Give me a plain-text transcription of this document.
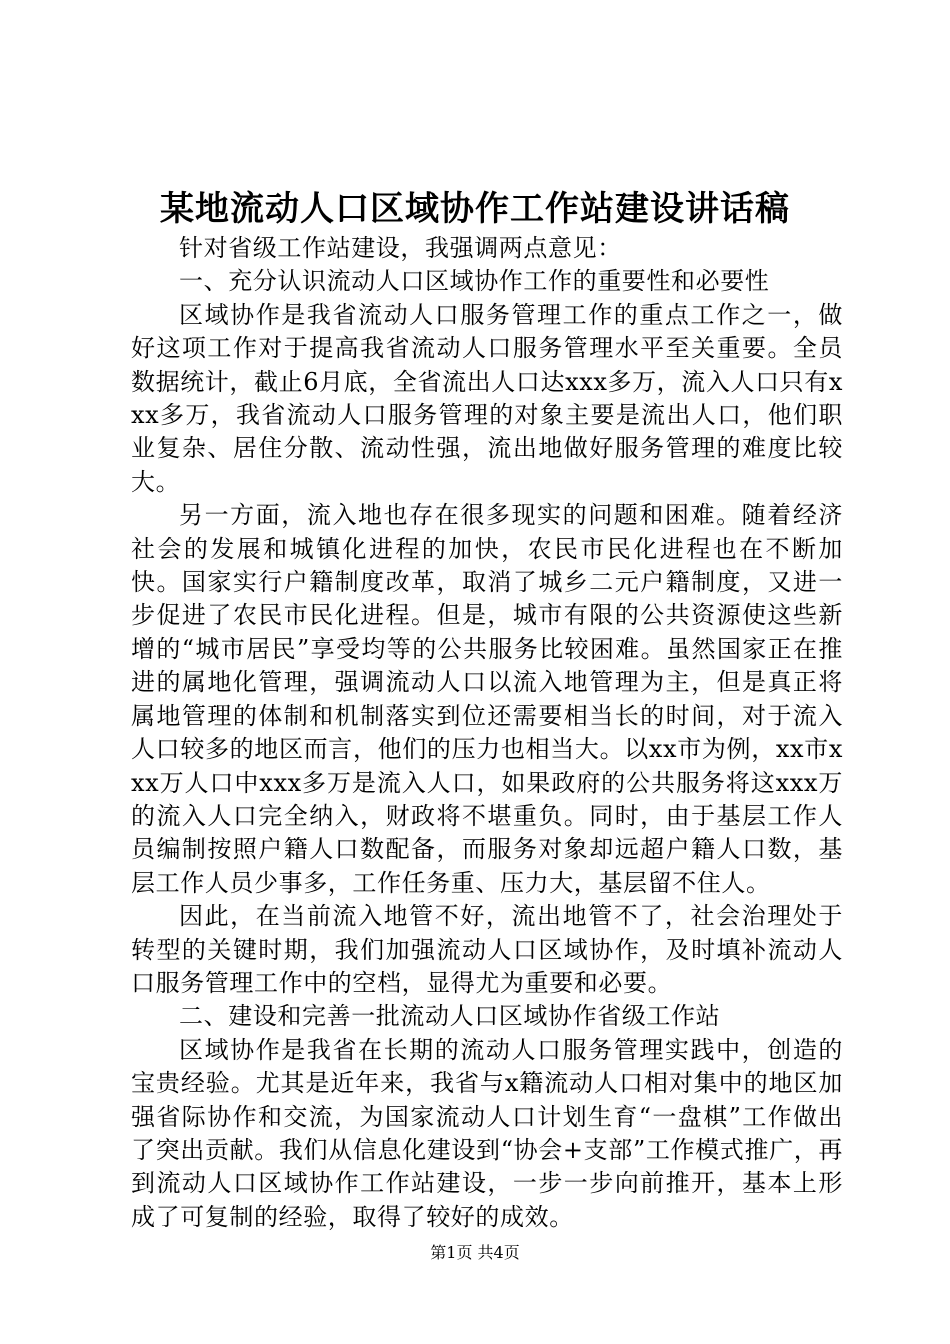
某地流动人口区域协作工作站建设讲话稿

针对省级工作站建设，我强调两点意见：

一、充分认识流动人口区域协作工作的重要性和必要性

区域协作是我省流动人口服务管理工作的重点工作之一，做好这项工作对于提高我省流动人口服务管理水平至关重要。全员数据统计，截止6月底，全省流出人口达xxx多万，流入人口只有xxx多万，我省流动人口服务管理的对象主要是流出人口，他们职业复杂、居住分散、流动性强，流出地做好服务管理的难度比较大。

另一方面，流入地也存在很多现实的问题和困难。随着经济社会的发展和城镇化进程的加快，农民市民化进程也在不断加快。国家实行户籍制度改革，取消了城乡二元户籍制度，又进一步促进了农民市民化进程。但是，城市有限的公共资源使这些新增的“城市居民”享受均等的公共服务比较困难。虽然国家正在推进的属地化管理，强调流动人口以流入地管理为主，但是真正将属地管理的体制和机制落实到位还需要相当长的时间，对于流入人口较多的地区而言，他们的压力也相当大。以xx市为例，xx市xxx万人口中xxx多万是流入人口，如果政府的公共服务将这xxx万的流入人口完全纳入，财政将不堪重负。同时，由于基层工作人员编制按照户籍人口数配备，而服务对象却远超户籍人口数，基层工作人员少事多，工作任务重、压力大，基层留不住人。

因此，在当前流入地管不好，流出地管不了，社会治理处于转型的关键时期，我们加强流动人口区域协作，及时填补流动人口服务管理工作中的空档，显得尤为重要和必要。

二、建设和完善一批流动人口区域协作省级工作站

区域协作是我省在长期的流动人口服务管理实践中，创造的宝贵经验。尤其是近年来，我省与x籍流动人口相对集中的地区加强省际协作和交流，为国家流动人口计划生育“一盘棋”工作做出了突出贡献。我们从信息化建设到“协会+支部”工作模式推广，再到流动人口区域协作工作站建设，一步一步向前推开，基本上形成了可复制的经验，取得了较好的成效。

第1页 共4页
